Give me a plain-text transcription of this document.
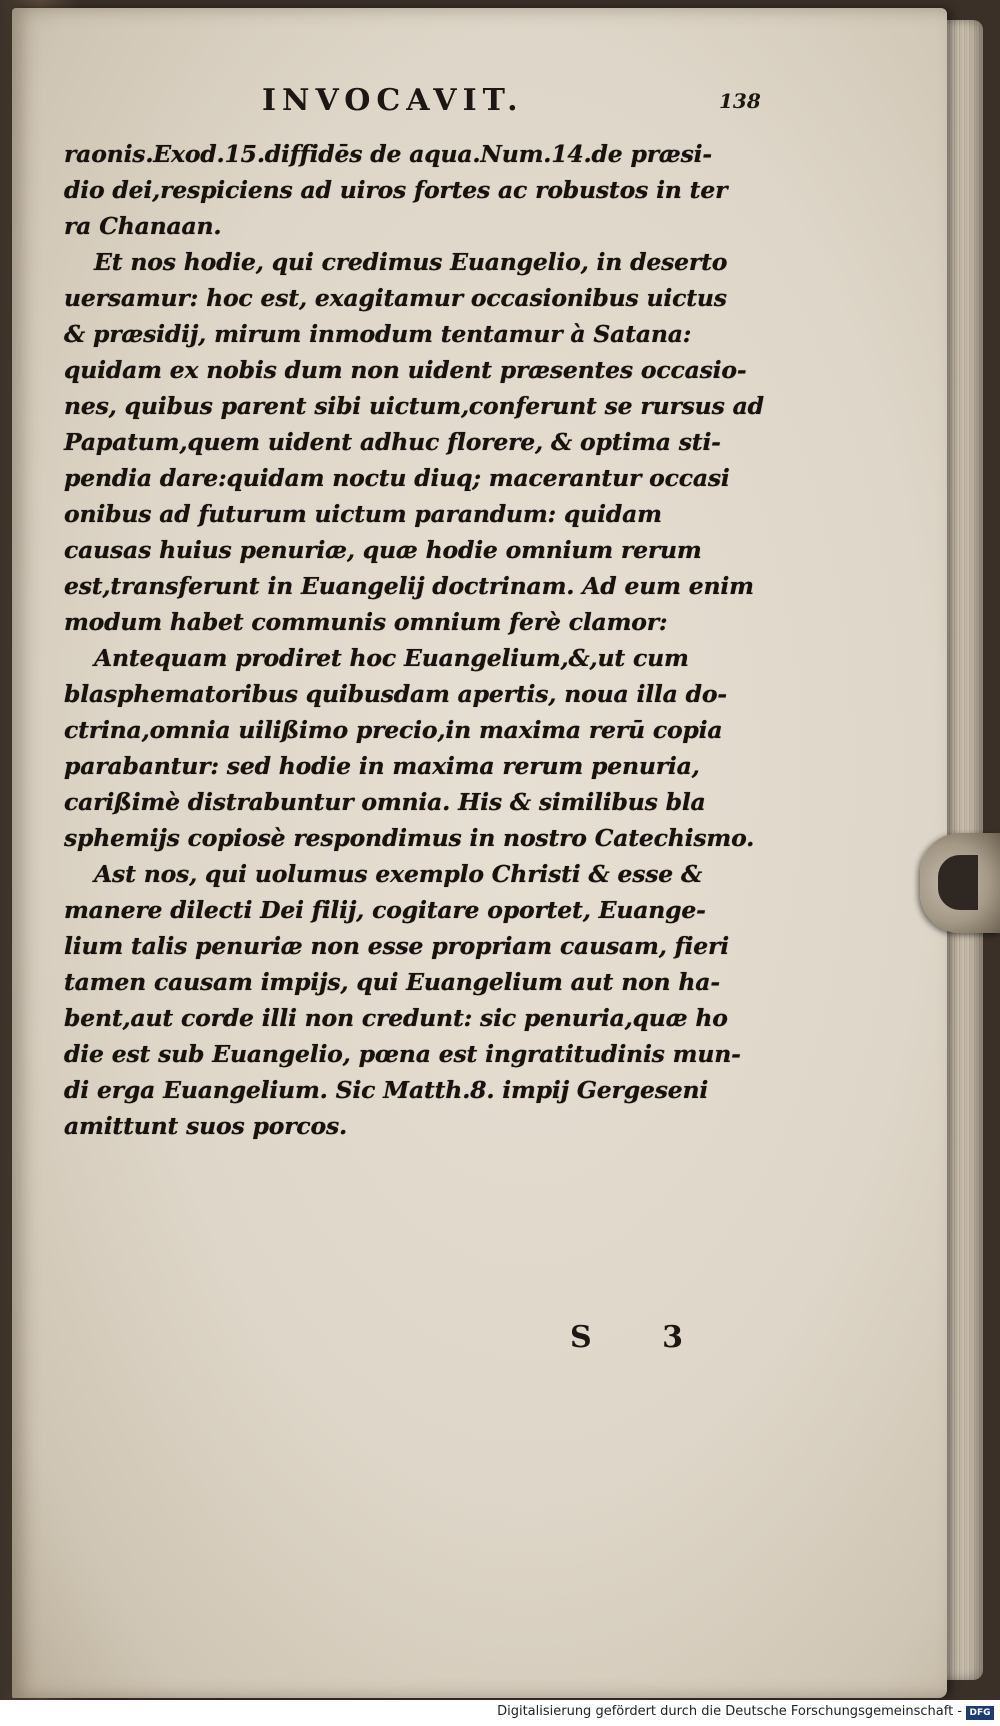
INVOCAVIT.	138
raonis.Exod.15.diffidēs de aqua.Num.14.de præsi-
dio dei,respiciens ad uiros fortes ac robustos in ter
ra Chanaan.
Et nos hodie, qui credimus Euangelio, in deserto
uersamur: hoc est, exagitamur occasionibus uictus
& præsidij, mirum inmodum tentamur à Satana:
quidam ex nobis dum non uident præsentes occasio-
nes, quibus parent sibi uictum,conferunt se rursus ad
Papatum,quem uident adhuc florere, & optima sti-
pendia dare:quidam noctu diuq; macerantur occasi
onibus ad futurum uictum parandum: quidam
causas huius penuriæ, quæ hodie omnium rerum
est,transferunt in Euangelij doctrinam. Ad eum enim
modum habet communis omnium ferè clamor:
Antequam prodiret hoc Euangelium,&,ut cum
blasphematoribus quibusdam apertis, noua illa do-
ctrina,omnia uilißimo precio,in maxima rerū copia
parabantur: sed hodie in maxima rerum penuria,
carißimè distrabuntur omnia. His & similibus bla
sphemijs copiosè respondimus in nostro Catechismo.
Ast nos, qui uolumus exemplo Christi & esse &
manere dilecti Dei filij, cogitare oportet, Euange-
lium talis penuriæ non esse propriam causam, fieri
tamen causam impijs, qui Euangelium aut non ha-
bent,aut corde illi non credunt: sic penuria,quæ ho
die est sub Euangelio, pœna est ingratitudinis mun-
di erga Euangelium. Sic Matth.8. impij Gergeseni
amittunt suos porcos.
S 3
Digitalisierung gefördert durch die Deutsche Forschungsgemeinschaft - DFG
